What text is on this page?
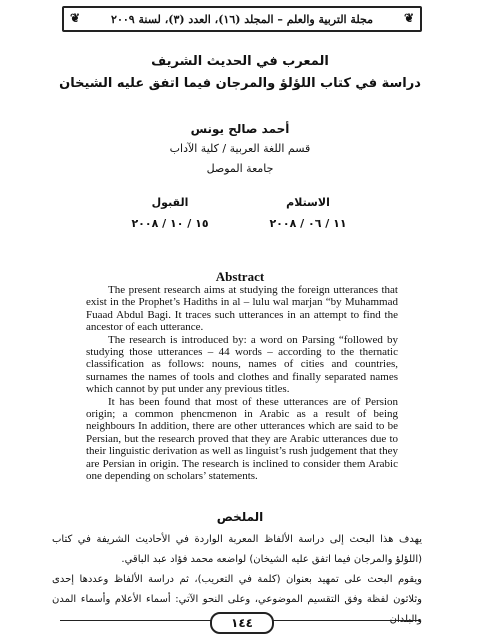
❦
مجلة التربية والعلم – المجلد (١٦)، العدد (٣)، لسنة ٢٠٠٩
❦
المعرب في الحديث الشريف
دراسة في كتاب اللؤلؤ والمرجان فيما اتفق عليه الشيخان
أحمد صالح يونس
قسم اللغة العربية / كلية الآداب
جامعة الموصل
الاستلام
١١ / ٠٦ / ٢٠٠٨
القبول
١٥ / ١٠ / ٢٠٠٨
Abstract

The present research aims at studying the foreign utterances that exist in the Prophet’s Hadiths in al – lulu wal marjan “by Muhammad Fuaad Abdul Bagi. It traces such utterances in an attempt to find the ancestor of each utterance.

The research is introduced by: a word on Parsing “followed by studying those utterances – 44 words – according to the thernatic classification as follows: nouns, names of cities and countries, surnames the names of tools and clothes and finally separated names which cannot by put under any previous titles.

It has been found that most of these utterances are of Persion origin; a common phencmenon in Arabic as a result of being neighbours In addition, there are other utterances which are said to be Persian, but the research proved that they are Arabic utterances due to their linguistic derivation as well as linguist’s rush judgement that they are Persian in origin. The research is inclined to consider them Arabic one depending on scholars’ statements.

الملخص

يهدف هذا البحث إلى دراسة الألفاظ المعربة الواردة في الأحاديث الشريفة في كتاب (اللؤلؤ والمرجان فيما اتفق عليه الشيخان) لواضعه محمد فؤاد عبد الباقي.

ويقوم البحث على تمهيد بعنوان (كلمة في التعريب)، ثم دراسة الألفاظ وعددها إحدى وثلاثون لفظة وفق التقسيم الموضوعي، وعلى النحو الآتي: أسماء الأعلام وأسماء المدن والبلدان

١٤٤
